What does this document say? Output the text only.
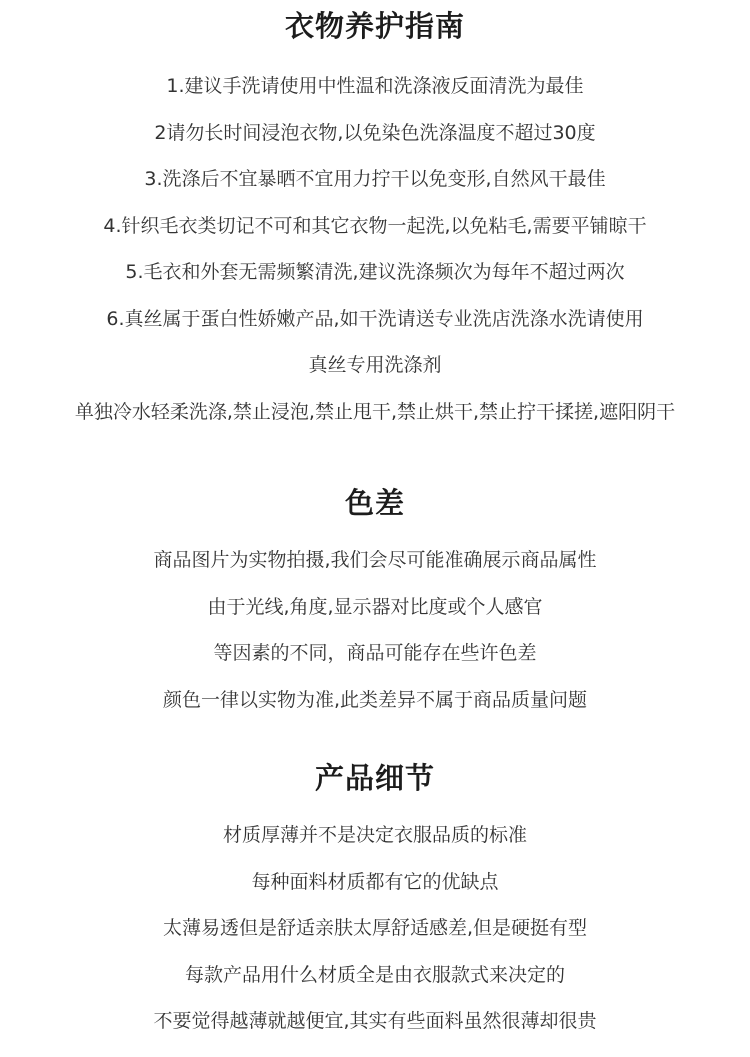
衣物养护指南
1.建议手洗请使用中性温和洗涤液反面清洗为最佳
2请勿长时间浸泡衣物,以免染色洗涤温度不超过30度
3.洗涤后不宜暴晒不宜用力拧干以免变形,自然风干最佳
4.针织毛衣类切记不可和其它衣物一起洗,以免粘毛,需要平铺晾干
5.毛衣和外套无需频繁清洗,建议洗涤频次为每年不超过两次
6.真丝属于蛋白性娇嫩产品,如干洗请送专业洗店洗涤水洗请使用
真丝专用洗涤剂
单独冷水轻柔洗涤,禁止浸泡,禁止甩干,禁止烘干,禁止拧干揉搓,遮阳阴干
色差
商品图片为实物拍摄,我们会尽可能准确展示商品属性
由于光线,角度,显示器对比度或个人感官
等因素的不同，商品可能存在些许色差
颜色一律以实物为准,此类差异不属于商品质量问题
产品细节
材质厚薄并不是决定衣服品质的标准
每种面料材质都有它的优缺点
太薄易透但是舒适亲肤太厚舒适感差,但是硬挺有型
每款产品用什么材质全是由衣服款式来决定的
不要觉得越薄就越便宜,其实有些面料虽然很薄却很贵
